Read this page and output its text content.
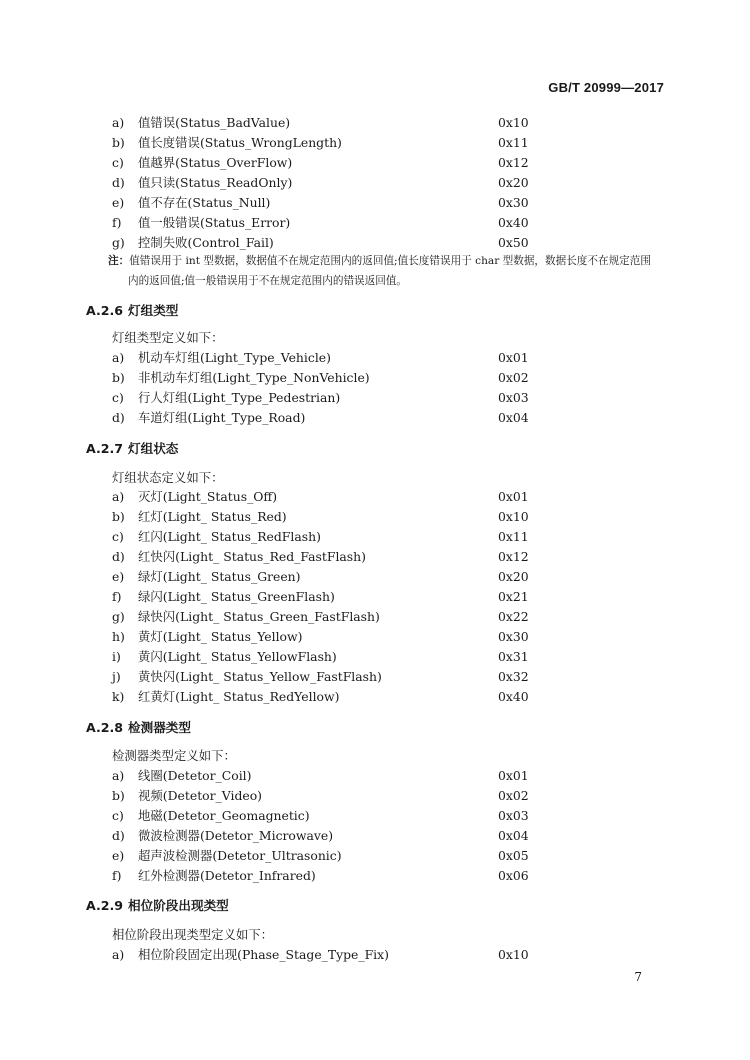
GB/T 20999—2017
a) 值错误(Status_BadValue)	0x10
b) 值长度错误(Status_WrongLength)	0x11
c) 值越界(Status_OverFlow)	0x12
d) 值只读(Status_ReadOnly)	0x20
e) 值不存在(Status_Null)	0x30
f) 值一般错误(Status_Error)	0x40
g) 控制失败(Control_Fail)	0x50
注：值错误用于 int 型数据，数据值不在规定范围内的返回值;值长度错误用于 char 型数据，数据长度不在规定范围
内的返回值;值一般错误用于不在规定范围内的错误返回值。
A.2.6 灯组类型
灯组类型定义如下：
a) 机动车灯组(Light_Type_Vehicle)	0x01
b) 非机动车灯组(Light_Type_NonVehicle)	0x02
c) 行人灯组(Light_Type_Pedestrian)	0x03
d) 车道灯组(Light_Type_Road)	0x04
A.2.7 灯组状态
灯组状态定义如下：
a) 灭灯(Light_Status_Off)	0x01
b) 红灯(Light_ Status_Red)	0x10
c) 红闪(Light_ Status_RedFlash)	0x11
d) 红快闪(Light_ Status_Red_FastFlash)	0x12
e) 绿灯(Light_ Status_Green)	0x20
f) 绿闪(Light_ Status_GreenFlash)	0x21
g) 绿快闪(Light_ Status_Green_FastFlash)	0x22
h) 黄灯(Light_ Status_Yellow)	0x30
i) 黄闪(Light_ Status_YellowFlash)	0x31
j) 黄快闪(Light_ Status_Yellow_FastFlash)	0x32
k) 红黄灯(Light_ Status_RedYellow)	0x40
A.2.8 检测器类型
检测器类型定义如下：
a) 线圈(Detetor_Coil)	0x01
b) 视频(Detetor_Video)	0x02
c) 地磁(Detetor_Geomagnetic)	0x03
d) 微波检测器(Detetor_Microwave)	0x04
e) 超声波检测器(Detetor_Ultrasonic)	0x05
f) 红外检测器(Detetor_Infrared)	0x06
A.2.9 相位阶段出现类型
相位阶段出现类型定义如下：
a) 相位阶段固定出现(Phase_Stage_Type_Fix)	0x10
7
